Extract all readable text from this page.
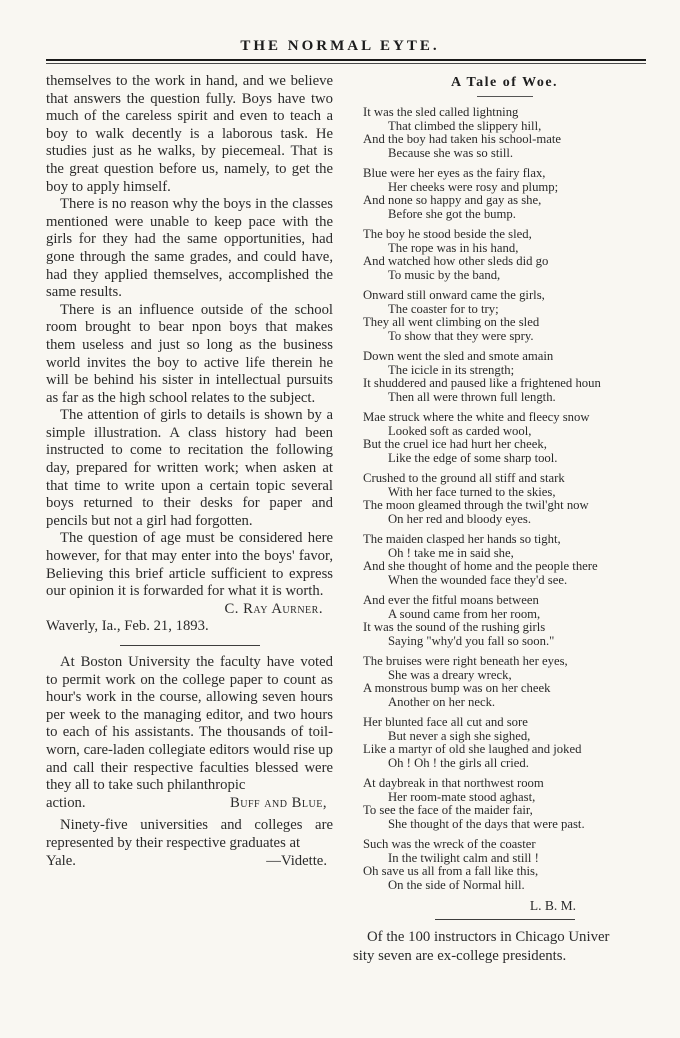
THE NORMAL EYTE.

themselves to the work in hand, and we believe that answers the question fully. Boys have two much of the careless spirit and even to teach a boy to walk decently is a laborous task. He studies just as he walks, by piecemeal. That is the great question before us, namely, to get the boy to apply himself.

There is no reason why the boys in the classes mentioned were unable to keep pace with the girls for they had the same opportunities, had gone through the same grades, and could have, had they applied themselves, accomplished the same results.

There is an influence outside of the school room brought to bear npon boys that makes them useless and just so long as the business world invites the boy to active life therein he will be behind his sister in intellectual pursuits as far as the high school relates to the subject.

The attention of girls to details is shown by a simple illustration. A class history had been instructed to come to recitation the following day, prepared for written work; when asken at that time to write upon a certain topic several boys returned to their desks for paper and pencils but not a girl had forgotten.

The question of age must be considered here however, for that may enter into the boys' favor, Believing this brief article sufficient to express our opinion it is forwarded for what it is worth.

C. Ray Aurner.
Waverly, Ia., Feb. 21, 1893.

At Boston University the faculty have voted to permit work on the college paper to count as hour's work in the course, allowing seven hours per week to the managing editor, and two hours to each of his assistants. The thousands of toil-worn, care-laden collegiate editors would rise up and call their respective faculties blessed were they all to take such philanthropic

action.	Buff and Blue,

Ninety-five universities and colleges are represented by their respective graduates at

Yale.	—Vidette.
A Tale of Woe.
It was the sled called lightning
That climbed the slippery hill,
And the boy had taken his school-mate
Because she was so still.
Blue were her eyes as the fairy flax,
Her cheeks were rosy and plump;
And none so happy and gay as she,
Before she got the bump.
The boy he stood beside the sled,
The rope was in his hand,
And watched how other sleds did go
To music by the band,
Onward still onward came the girls,
The coaster for to try;
They all went climbing on the sled
To show that they were spry.
Down went the sled and smote amain
The icicle in its strength;
It shuddered and paused like a frightened houn
Then all were thrown full length.
Mae struck where the white and fleecy snow
Looked soft as carded wool,
But the cruel ice had hurt her cheek,
Like the edge of some sharp tool.
Crushed to the ground all stiff and stark
With her face turned to the skies,
The moon gleamed through the twil'ght now
On her red and bloody eyes.
The maiden clasped her hands so tight,
Oh ! take me in said she,
And she thought of home and the people there
When the wounded face they'd see.
And ever the fitful moans between
A sound came from her room,
It was the sound of the rushing girls
Saying "why'd you fall so soon."
The bruises were right beneath her eyes,
She was a dreary wreck,
A monstrous bump was on her cheek
Another on her neck.
Her blunted face all cut and sore
But never a sigh she sighed,
Like a martyr of old she laughed and joked
Oh ! Oh ! the girls all cried.
At daybreak in that northwest room
Her room-mate stood aghast,
To see the face of the maider fair,
She thought of the days that were past.
Such was the wreck of the coaster
In the twilight calm and still !
Oh save us all from a fall like this,
On the side of Normal hill.
L. B. M.
Of the 100 instructors in Chicago Univer
sity seven are ex-college presidents.
